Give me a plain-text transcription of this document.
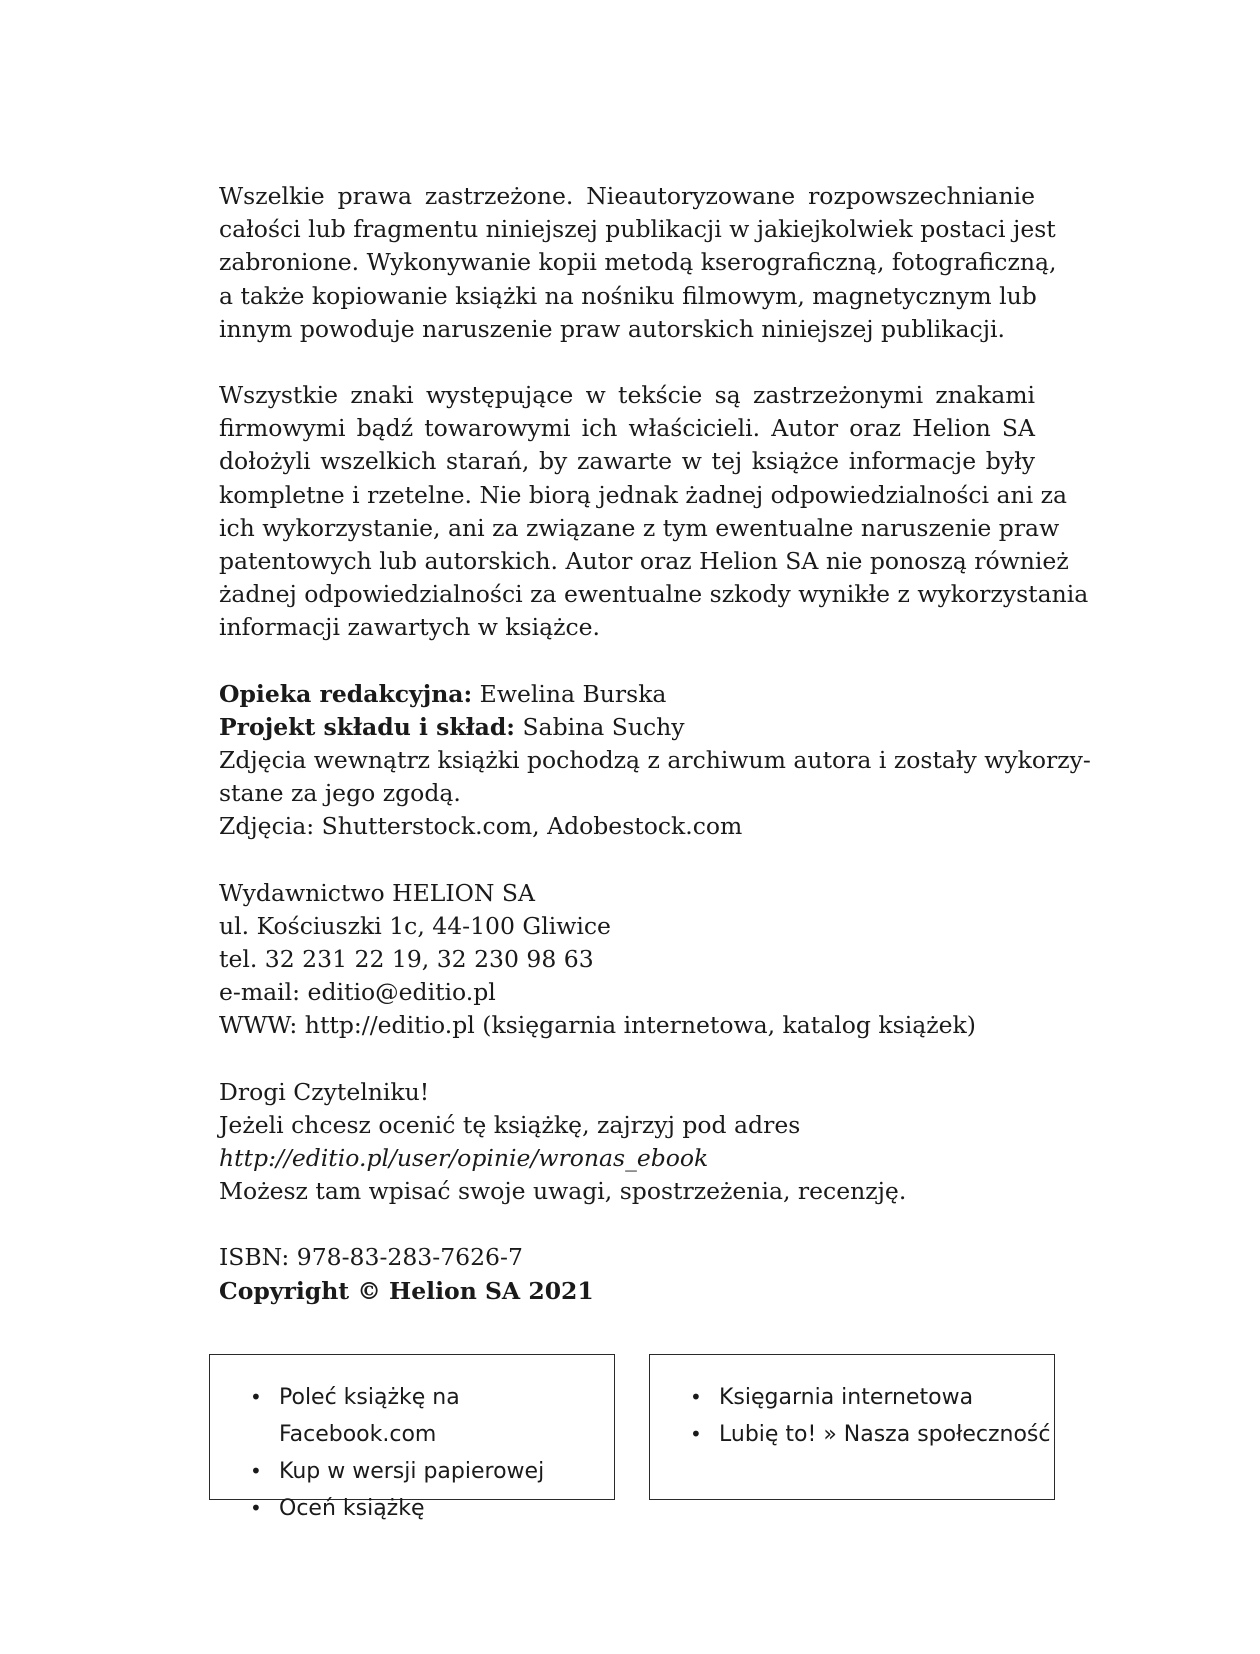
Wszelkie prawa zastrzeżone. Nieautoryzowane rozpowszechnianie
całości lub fragmentu niniejszej publikacji w jakiejkolwiek postaci jest
zabronione. Wykonywanie kopii metodą kserograficzną, fotograficzną,
a także kopiowanie książki na nośniku filmowym, magnetycznym lub
innym powoduje naruszenie praw autorskich niniejszej publikacji.
Wszystkie znaki występujące w tekście są zastrzeżonymi znakami
firmowymi bądź towarowymi ich właścicieli. Autor oraz Helion SA
dołożyli wszelkich starań, by zawarte w tej książce informacje były
kompletne i rzetelne. Nie biorą jednak żadnej odpowiedzialności ani za
ich wykorzystanie, ani za związane z tym ewentualne naruszenie praw
patentowych lub autorskich. Autor oraz Helion SA nie ponoszą również
żadnej odpowiedzialności za ewentualne szkody wynikłe z wykorzystania
informacji zawartych w książce.
Opieka redakcyjna: Ewelina Burska
Projekt składu i skład: Sabina Suchy
Zdjęcia wewnątrz książki pochodzą z archiwum autora i zostały wykorzy-
stane za jego zgodą.
Zdjęcia: Shutterstock.com, Adobestock.com
Wydawnictwo HELION SA
ul. Kościuszki 1c, 44-100 Gliwice
tel. 32 231 22 19, 32 230 98 63
e-mail: editio@editio.pl
WWW: http://editio.pl (księgarnia internetowa, katalog książek)
Drogi Czytelniku!
Jeżeli chcesz ocenić tę książkę, zajrzyj pod adres
http://editio.pl/user/opinie/wronas_ebook
Możesz tam wpisać swoje uwagi, spostrzeżenia, recenzję.
ISBN: 978-83-283-7626-7
Copyright © Helion SA 2021
• Poleć książkę na Facebook.com
• Kup w wersji papierowej
• Oceń książkę
• Księgarnia internetowa
• Lubię to! » Nasza społeczność
